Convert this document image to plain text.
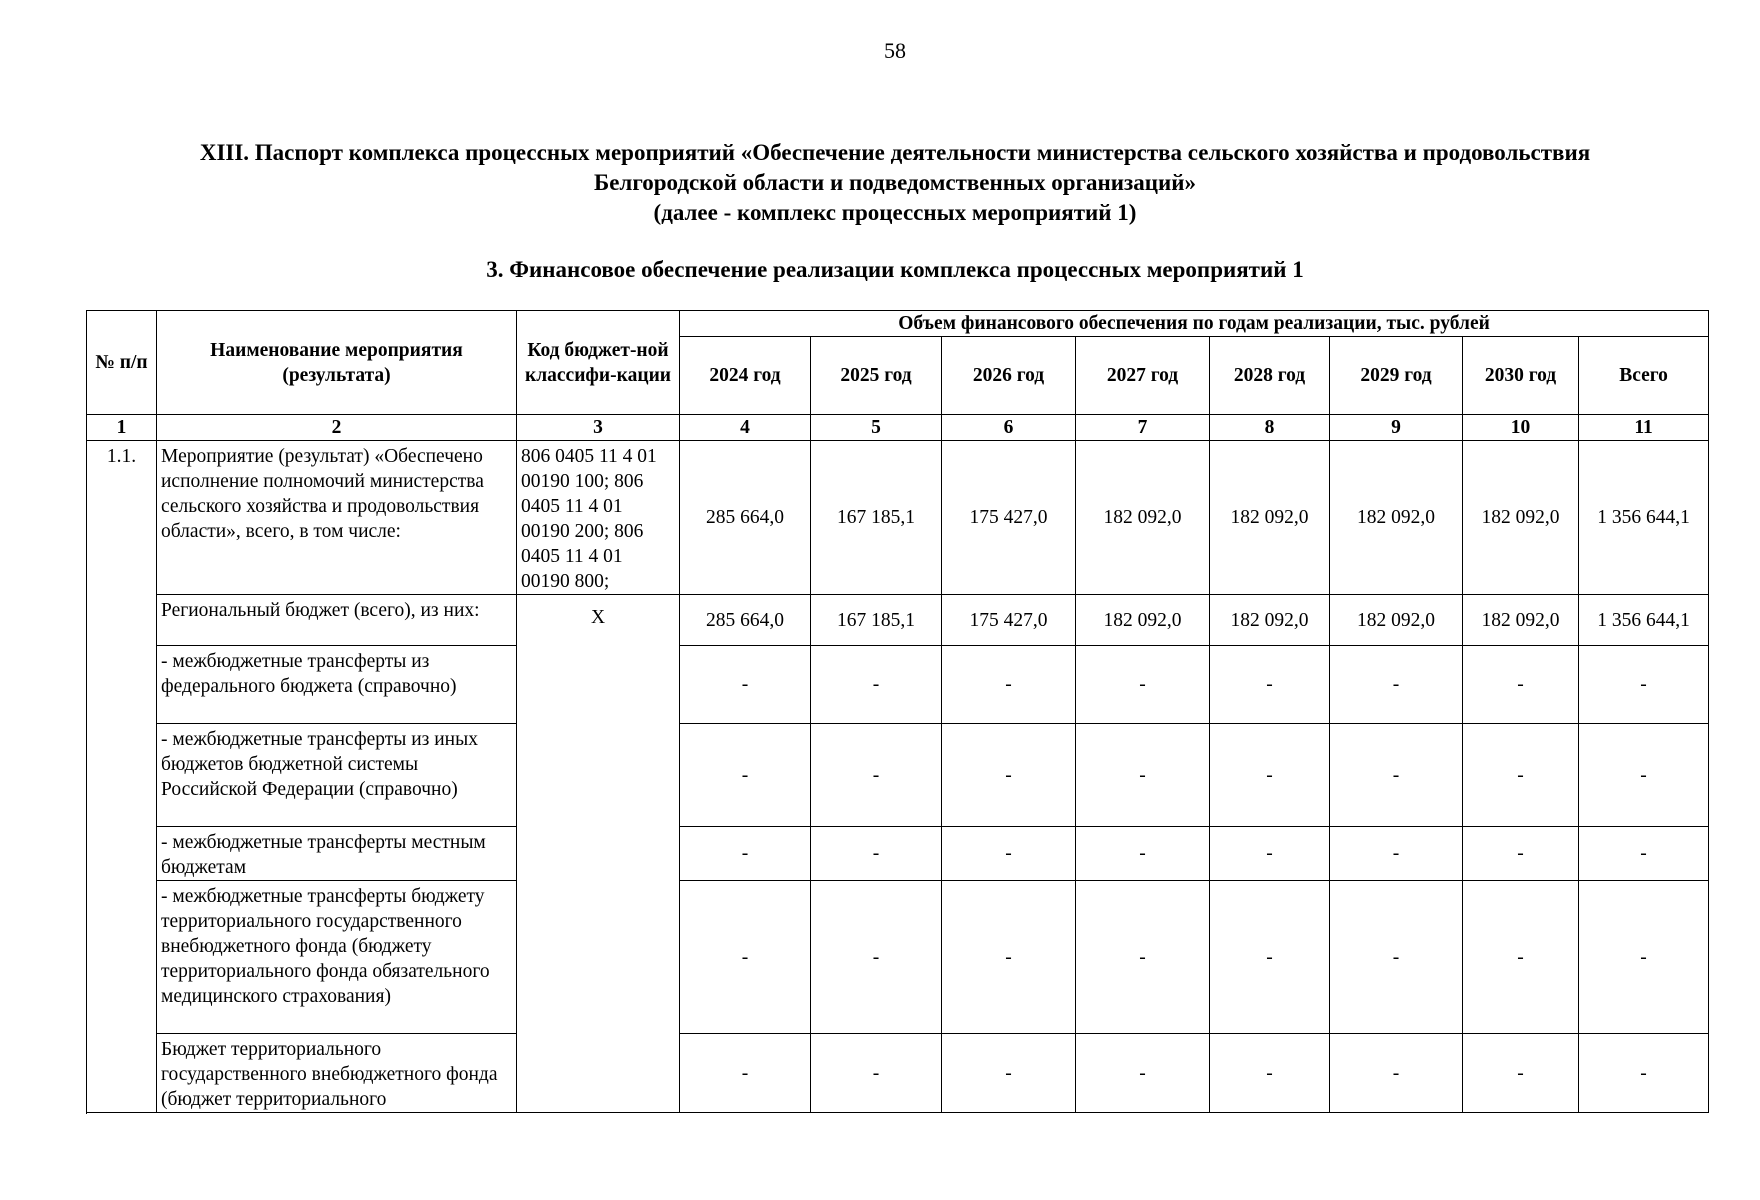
58
XIII. Паспорт комплекса процессных мероприятий «Обеспечение деятельности министерства сельского хозяйства и продовольствия
Белгородской области и подведомственных организаций»
(далее - комплекс процессных мероприятий 1)
3. Финансовое обеспечение реализации комплекса процессных мероприятий 1
№ п/п	Наименование мероприятия (результата)	Код бюджет-ной классифи-кации	Объем финансового обеспечения по годам реализации, тыс. рублей							
			2024 год	2025 год	2026 год	2027 год	2028 год	2029 год	2030 год	Всего
1	2	3	4	5	6	7	8	9	10	11
1.1.	Мероприятие (результат) «Обеспечено исполнение полномочий министерства сельского хозяйства и продовольствия области», всего, в том числе:	806 0405 11 4 01 00190 100; 806 0405 11 4 01 00190 200; 806 0405 11 4 01 00190 800;	285 664,0	167 185,1	175 427,0	182 092,0	182 092,0	182 092,0	182 092,0	1 356 644,1
	Региональный бюджет (всего), из них:	Х	285 664,0	167 185,1	175 427,0	182 092,0	182 092,0	182 092,0	182 092,0	1 356 644,1
	- межбюджетные трансферты из федерального бюджета (справочно)		-	-	-	-	-	-	-	-
	- межбюджетные трансферты из иных бюджетов бюджетной системы Российской Федерации (справочно)		-	-	-	-	-	-	-	-
	- межбюджетные трансферты местным бюджетам		-	-	-	-	-	-	-	-
	- межбюджетные трансферты бюджету территориального государственного внебюджетного фонда (бюджету территориального фонда обязательного медицинского страхования)		-	-	-	-	-	-	-	-
	Бюджет территориального государственного внебюджетного фонда (бюджет территориального		-	-	-	-	-	-	-	-
